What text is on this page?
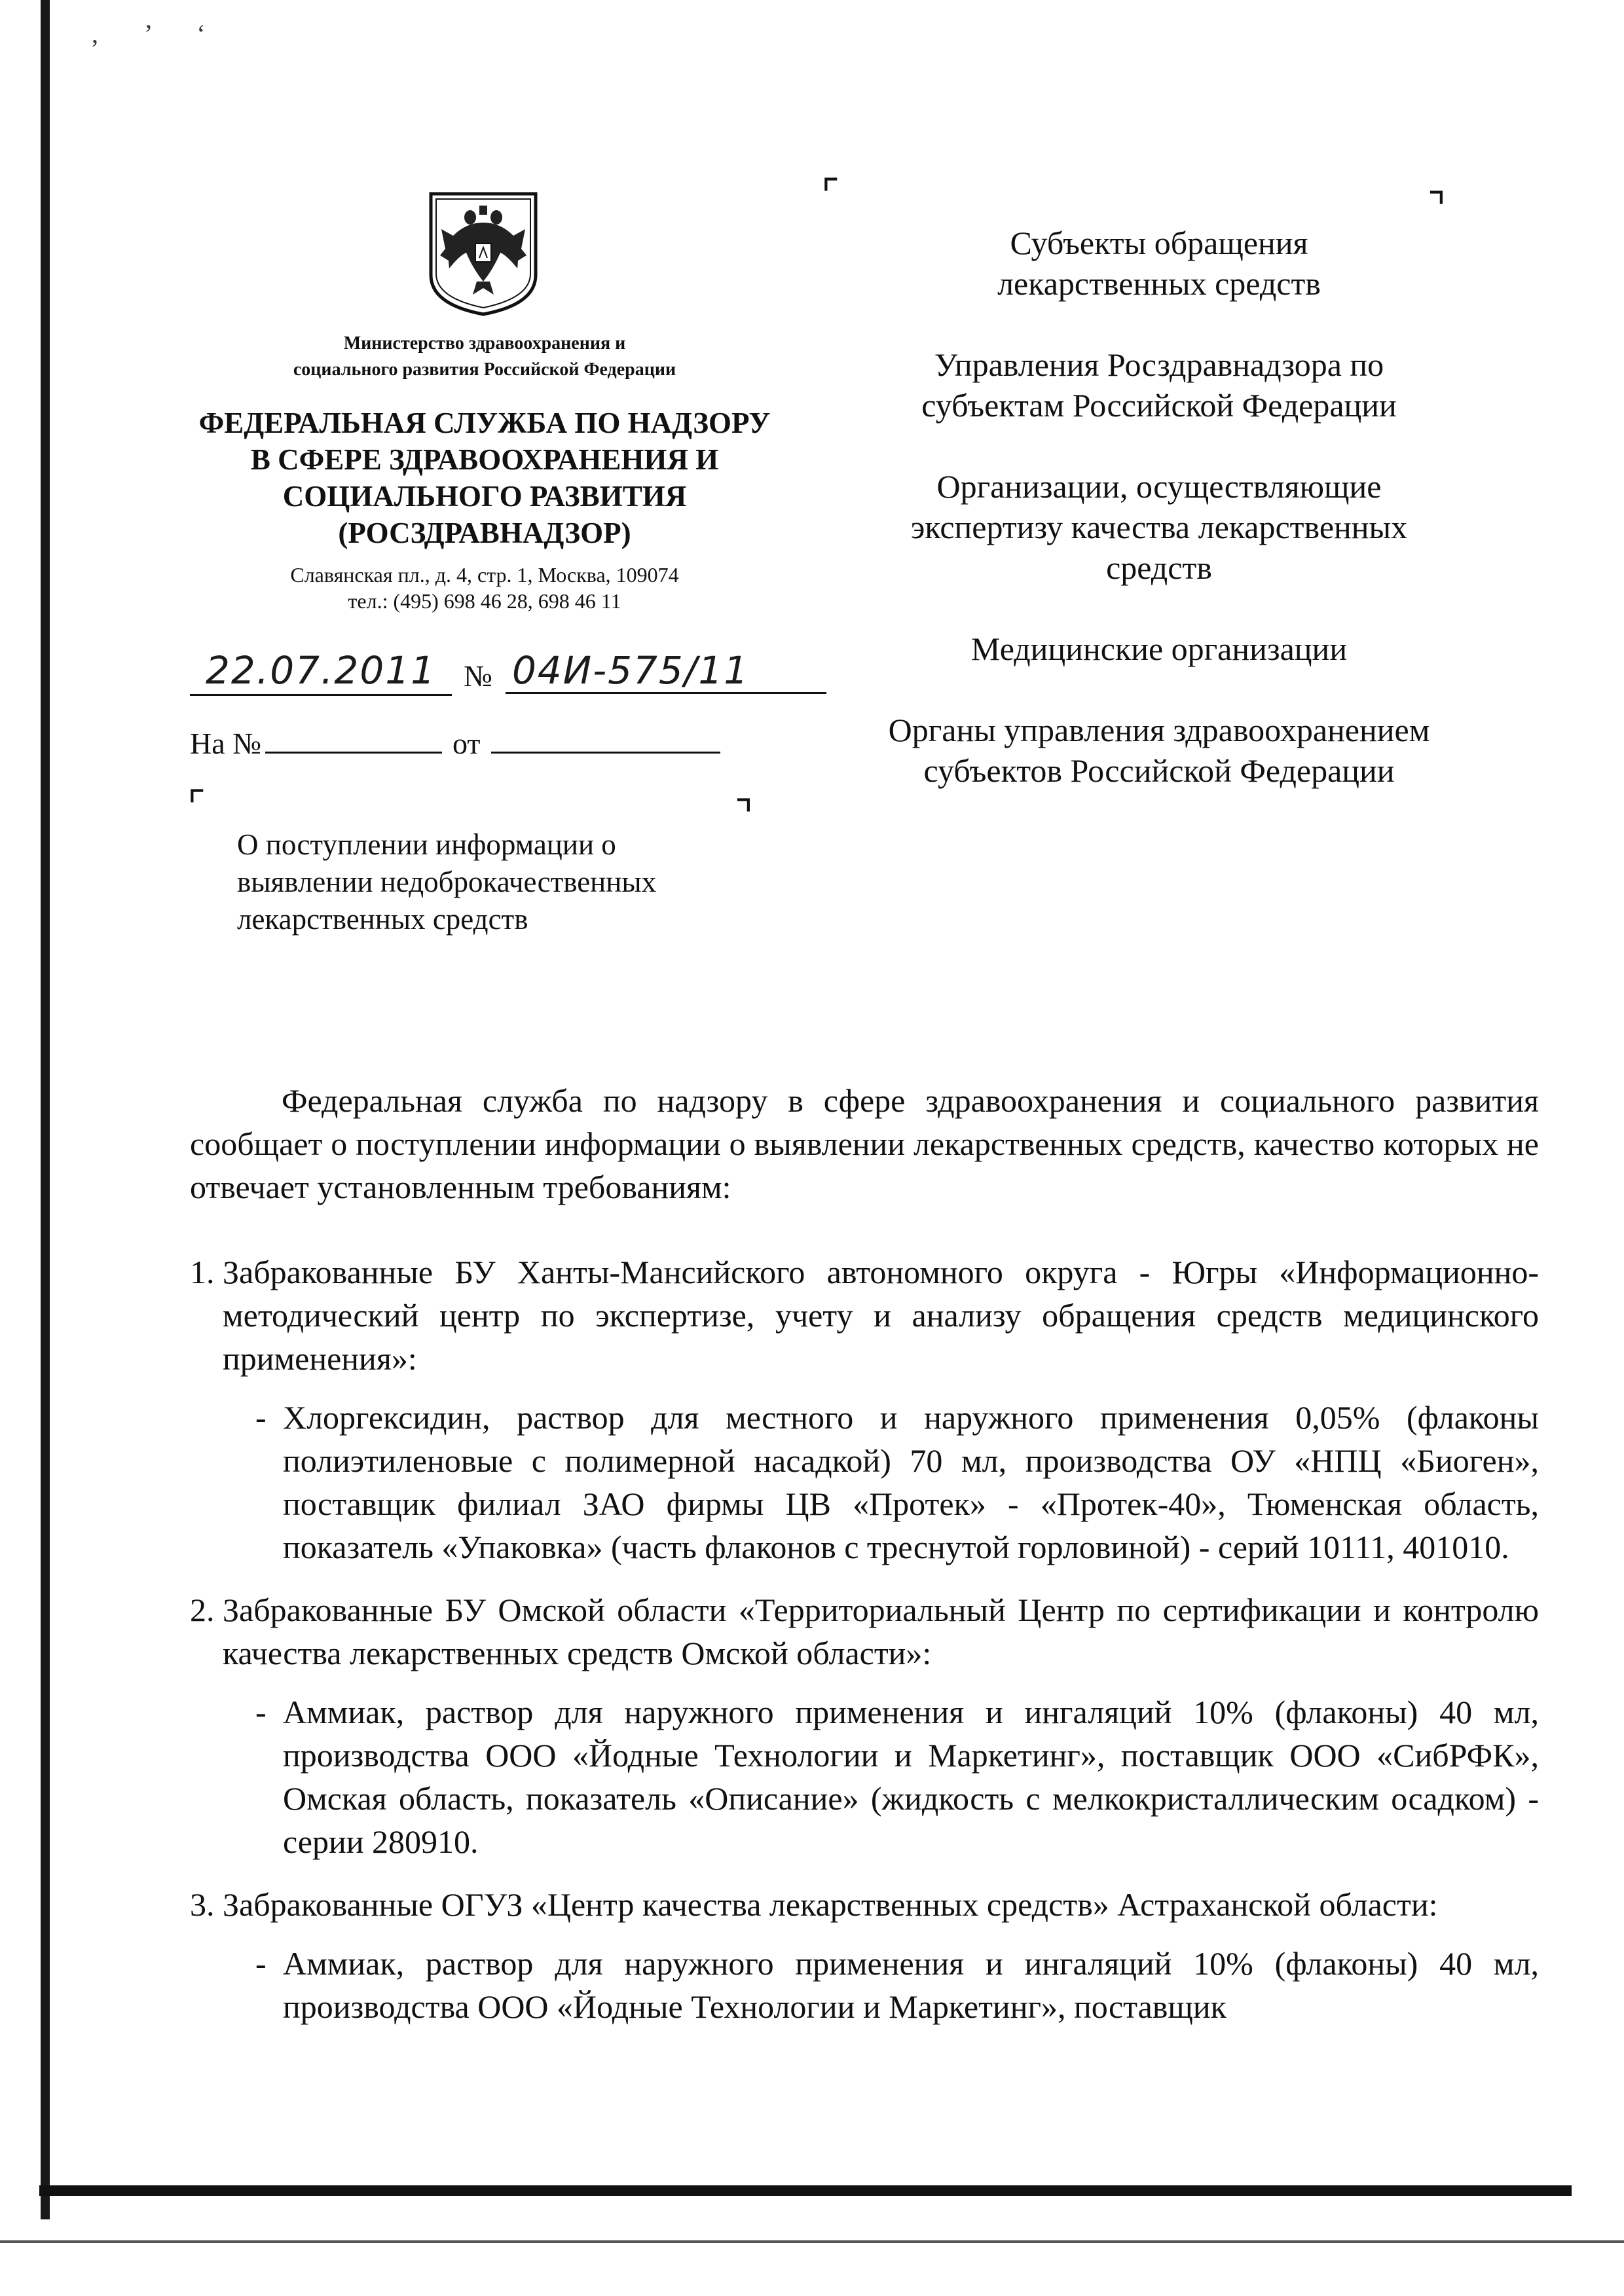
, ’ ‘
Министерство здравоохранения и
социального развития Российской Федерации
ФЕДЕРАЛЬНАЯ СЛУЖБА ПО НАДЗОРУ
В СФЕРЕ ЗДРАВООХРАНЕНИЯ И
СОЦИАЛЬНОГО РАЗВИТИЯ
(РОСЗДРАВНАДЗОР)
Славянская пл., д. 4, стр. 1, Москва, 109074
тел.: (495) 698 46 28, 698 46 11
22.07.2011 № 04И-575/11
На №	от
⌜	⌝
⌜	⌝
О поступлении информации о
выявлении недоброкачественных
лекарственных средств
Субъекты обращения
лекарственных средств
Управления Росздравнадзора по
субъектам Российской Федерации
Организации, осуществляющие
экспертизу качества лекарственных
средств
Медицинские организации
Органы управления здравоохранением
субъектов Российской Федерации

Федеральная служба по надзору в сфере здравоохранения и социального развития сообщает о поступлении информации о выявлении лекарственных средств, качество которых не отвечает установленным требованиям:

1. Забракованные БУ Ханты-Мансийского автономного округа - Югры «Информационно-методический центр по экспертизе, учету и анализу обращения средств медицинского применения»:
- Хлоргексидин, раствор для местного и наружного применения 0,05% (флаконы полиэтиленовые с полимерной насадкой) 70 мл, производства ОУ «НПЦ «Биоген», поставщик филиал ЗАО фирмы ЦВ «Протек» - «Протек-40», Тюменская область, показатель «Упаковка» (часть флаконов с треснутой горловиной) - серий 10111, 401010.
2. Забракованные БУ Омской области «Территориальный Центр по сертификации и контролю качества лекарственных средств Омской области»:
- Аммиак, раствор для наружного применения и ингаляций 10% (флаконы) 40 мл, производства ООО «Йодные Технологии и Маркетинг», поставщик ООО «СибРФК», Омская область, показатель «Описание» (жидкость с мелкокристаллическим осадком) - серии 280910.
3. Забракованные ОГУЗ «Центр качества лекарственных средств» Астраханской области:
- Аммиак, раствор для наружного применения и ингаляций 10% (флаконы) 40 мл, производства ООО «Йодные Технологии и Маркетинг», поставщик
